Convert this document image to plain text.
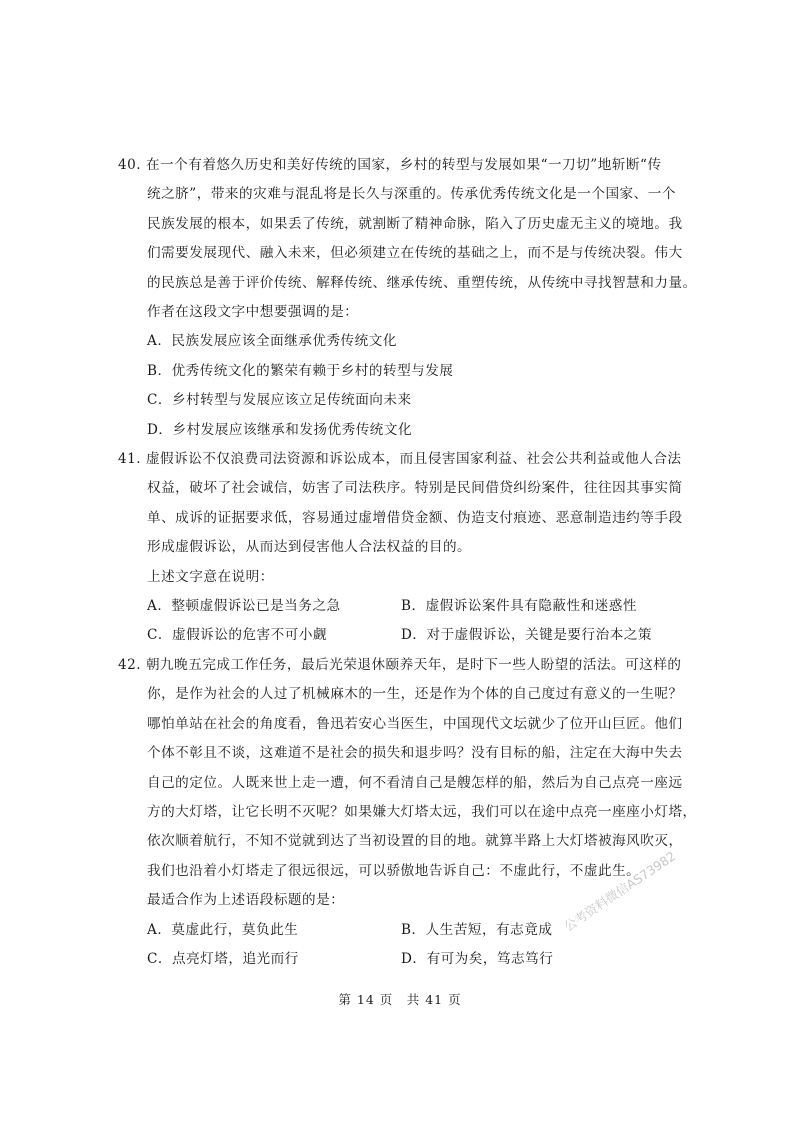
40. 在一个有着悠久历史和美好传统的国家，乡村的转型与发展如果“一刀切”地斩断“传
统之脐”，带来的灾难与混乱将是长久与深重的。传承优秀传统文化是一个国家、一个
民族发展的根本，如果丢了传统，就割断了精神命脉，陷入了历史虚无主义的境地。我
们需要发展现代、融入未来，但必须建立在传统的基础之上，而不是与传统决裂。伟大
的民族总是善于评价传统、解释传统、继承传统、重塑传统，从传统中寻找智慧和力量。
作者在这段文字中想要强调的是：
A．民族发展应该全面继承优秀传统文化
B．优秀传统文化的繁荣有赖于乡村的转型与发展
C．乡村转型与发展应该立足传统面向未来
D．乡村发展应该继承和发扬优秀传统文化
41. 虚假诉讼不仅浪费司法资源和诉讼成本，而且侵害国家利益、社会公共利益或他人合法
权益，破坏了社会诚信，妨害了司法秩序。特别是民间借贷纠纷案件，往往因其事实简
单、成诉的证据要求低，容易通过虚增借贷金额、伪造支付痕迹、恶意制造违约等手段
形成虚假诉讼，从而达到侵害他人合法权益的目的。
上述文字意在说明：
A．整顿虚假诉讼已是当务之急	B．虚假诉讼案件具有隐蔽性和迷惑性
C．虚假诉讼的危害不可小觑	D．对于虚假诉讼，关键是要行治本之策
42. 朝九晚五完成工作任务，最后光荣退休颐养天年，是时下一些人盼望的活法。可这样的
你，是作为社会的人过了机械麻木的一生，还是作为个体的自己度过有意义的一生呢？
哪怕单站在社会的角度看，鲁迅若安心当医生，中国现代文坛就少了位开山巨匠。他们
个体不彰且不谈，这难道不是社会的损失和退步吗？没有目标的船，注定在大海中失去
自己的定位。人既来世上走一遭，何不看清自己是艘怎样的船，然后为自己点亮一座远
方的大灯塔，让它长明不灭呢？如果嫌大灯塔太远，我们可以在途中点亮一座座小灯塔，
依次顺着航行，不知不觉就到达了当初设置的目的地。就算半路上大灯塔被海风吹灭，
我们也沿着小灯塔走了很远很远，可以骄傲地告诉自己：不虚此行，不虚此生。
最适合作为上述语段标题的是：
A．莫虚此行，莫负此生	B．人生苦短，有志竟成
C．点亮灯塔，追光而行	D．有可为矣，笃志笃行
公考资料微信AS73982
第 14 页　共 41 页
